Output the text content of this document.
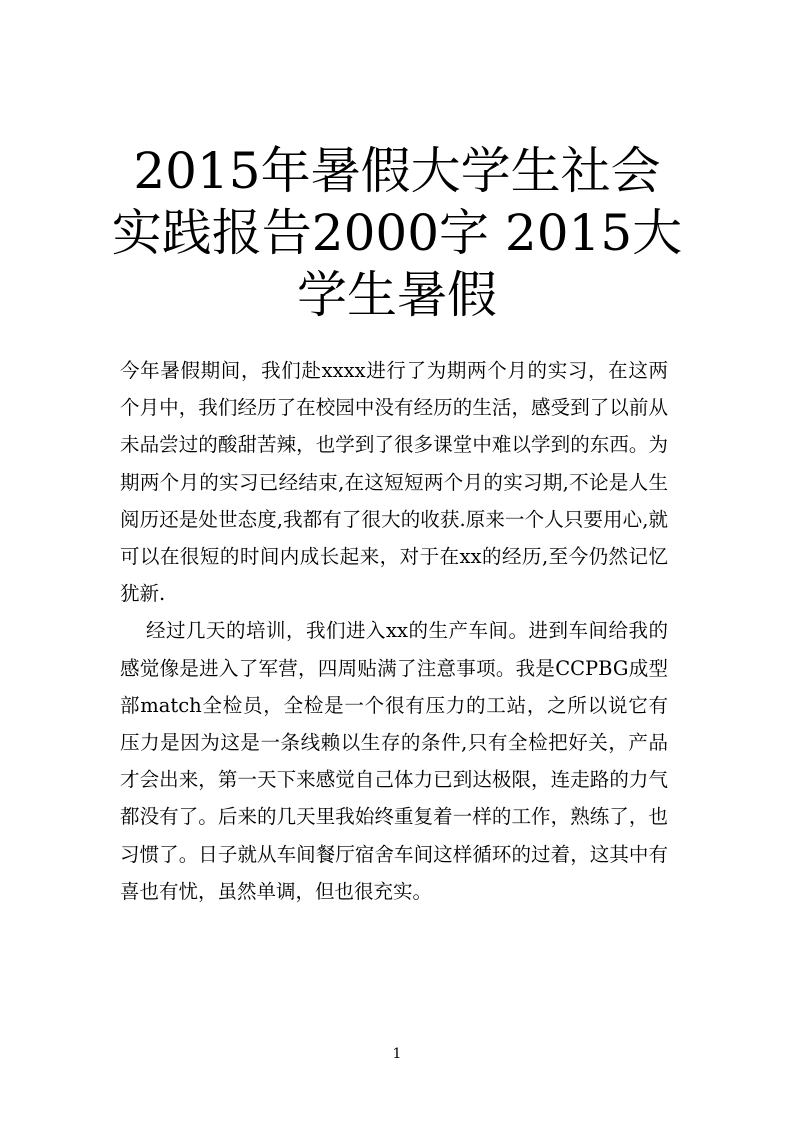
2015年暑假大学生社会实践报告2000字 2015大学生暑假

今年暑假期间，我们赴xxxx进行了为期两个月的实习，在这两个月中，我们经历了在校园中没有经历的生活，感受到了以前从未品尝过的酸甜苦辣，也学到了很多课堂中难以学到的东西。为期两个月的实习已经结束,在这短短两个月的实习期,不论是人生阅历还是处世态度,我都有了很大的收获.原来一个人只要用心,就可以在很短的时间内成长起来，对于在xx的经历,至今仍然记忆犹新.

经过几天的培训，我们进入xx的生产车间。进到车间给我的感觉像是进入了军营，四周贴满了注意事项。我是CCPBG成型部match全检员，全检是一个很有压力的工站，之所以说它有压力是因为这是一条线赖以生存的条件,只有全检把好关，产品才会出来，第一天下来感觉自己体力已到达极限，连走路的力气都没有了。后来的几天里我始终重复着一样的工作，熟练了，也习惯了。日子就从车间餐厅宿舍车间这样循环的过着，这其中有喜也有忧，虽然单调，但也很充实。

1
